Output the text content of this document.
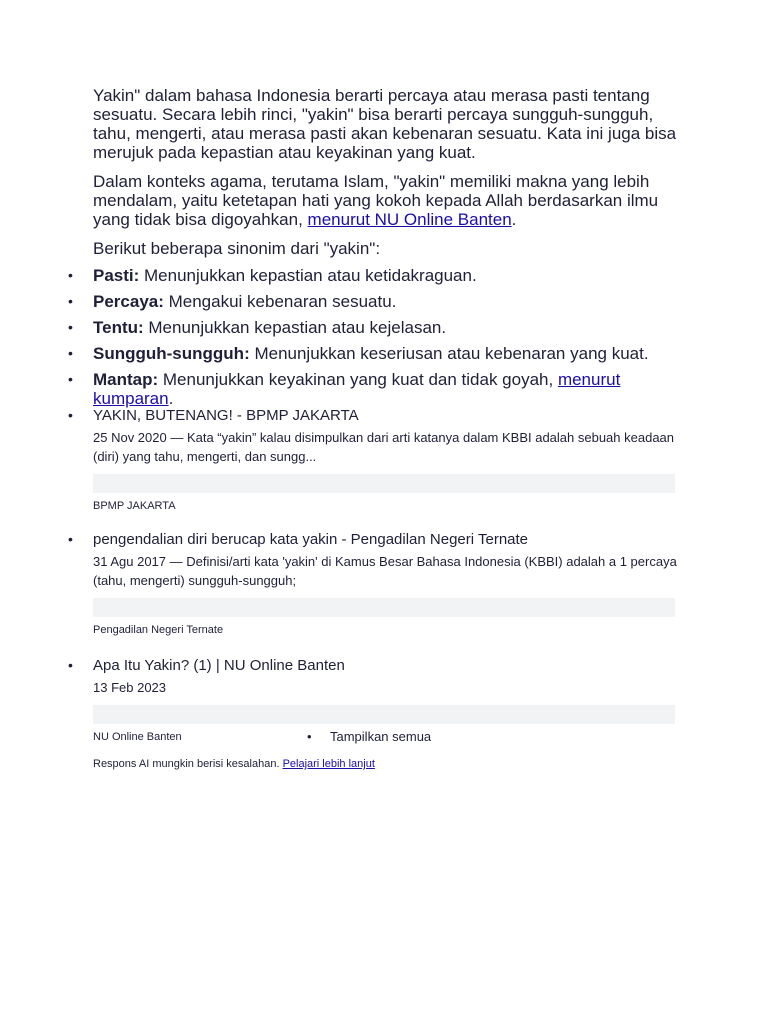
Yakin" dalam bahasa Indonesia berarti percaya atau merasa pasti tentang sesuatu. Secara lebih rinci, "yakin" bisa berarti percaya sungguh-sungguh, tahu, mengerti, atau merasa pasti akan kebenaran sesuatu. Kata ini juga bisa merujuk pada kepastian atau keyakinan yang kuat.

Dalam konteks agama, terutama Islam, "yakin" memiliki makna yang lebih mendalam, yaitu ketetapan hati yang kokoh kepada Allah berdasarkan ilmu yang tidak bisa digoyahkan, menurut NU Online Banten.

Berikut beberapa sinonim dari "yakin":

• Pasti: Menunjukkan kepastian atau ketidakraguan.
• Percaya: Mengakui kebenaran sesuatu.
• Tentu: Menunjukkan kepastian atau kejelasan.
• Sungguh-sungguh: Menunjukkan keseriusan atau kebenaran yang kuat.
• Mantap: Menunjukkan keyakinan yang kuat dan tidak goyah, menurut kumparan.
• YAKIN, BUTENANG! - BPMP JAKARTA
25 Nov 2020 — Kata “yakin” kalau disimpulkan dari arti katanya dalam KBBI adalah sebuah keadaan (diri) yang tahu, mengerti, dan sungg...
BPMP JAKARTA
• pengendalian diri berucap kata yakin - Pengadilan Negeri Ternate
31 Agu 2017 — Definisi/arti kata 'yakin' di Kamus Besar Bahasa Indonesia (KBBI) adalah a 1 percaya (tahu, mengerti) sungguh-sungguh;
Pengadilan Negeri Ternate
• Apa Itu Yakin? (1) | NU Online Banten
13 Feb 2023
NU Online Banten
•	Tampilkan semua
Respons AI mungkin berisi kesalahan. Pelajari lebih lanjut
